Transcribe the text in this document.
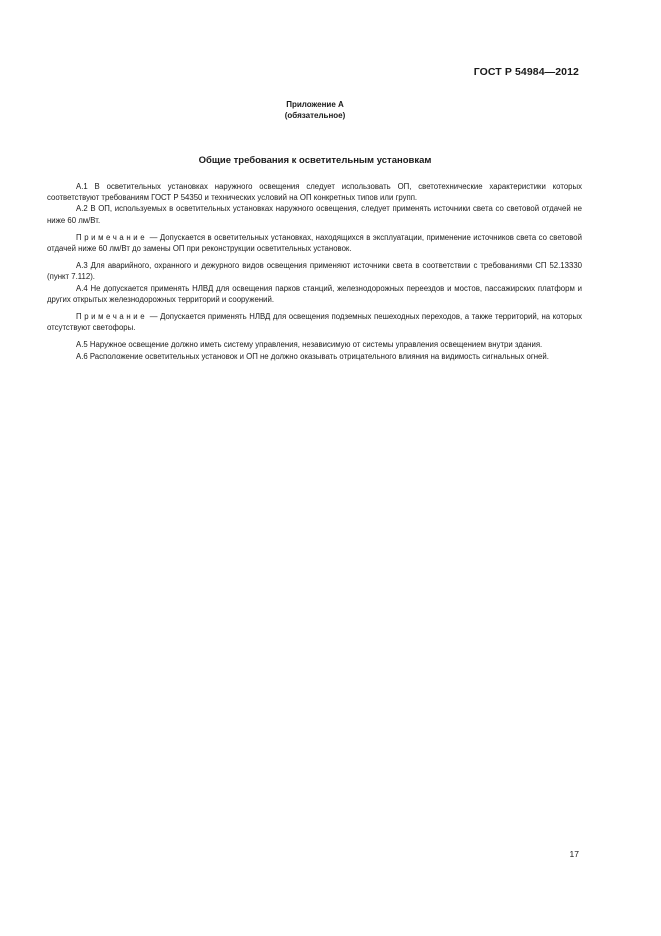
ГОСТ Р 54984—2012
Приложение А
(обязательное)
Общие требования к осветительным установкам

А.1 В осветительных установках наружного освещения следует использовать ОП, светотехнические характеристики которых соответствуют требованиям ГОСТ Р 54350 и технических условий на ОП конкретных типов или групп.

А.2 В ОП, используемых в осветительных установках наружного освещения, следует применять источники света со световой отдачей не ниже 60 лм/Вт.

Примечание — Допускается в осветительных установках, находящихся в эксплуатации, применение источников света со световой отдачей ниже 60 лм/Вт до замены ОП при реконструкции осветительных установок.

А.3 Для аварийного, охранного и дежурного видов освещения применяют источники света в соответствии с требованиями СП 52.13330 (пункт 7.112).

А.4 Не допускается применять НЛВД для освещения парков станций, железнодорожных переездов и мостов, пассажирских платформ и других открытых железнодорожных территорий и сооружений.

Примечание — Допускается применять НЛВД для освещения подземных пешеходных переходов, а также территорий, на которых отсутствуют светофоры.

А.5 Наружное освещение должно иметь систему управления, независимую от системы управления освещением внутри здания.

А.6 Расположение осветительных установок и ОП не должно оказывать отрицательного влияния на видимость сигнальных огней.

17
